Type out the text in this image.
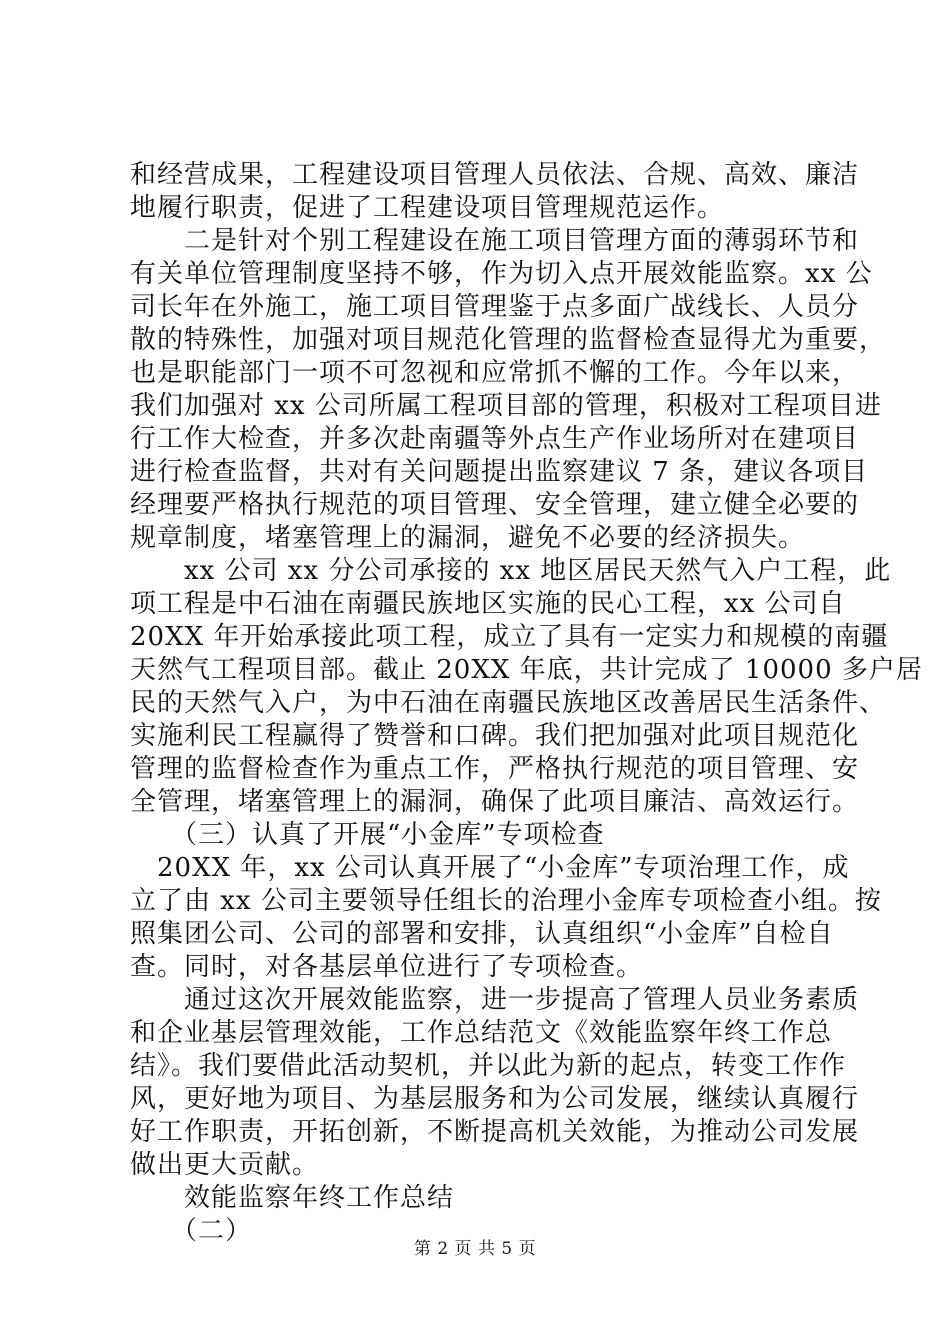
和经营成果，工程建设项目管理人员依法、合规、高效、廉洁
地履行职责，促进了工程建设项目管理规范运作。
　　二是针对个别工程建设在施工项目管理方面的薄弱环节和
有关单位管理制度坚持不够，作为切入点开展效能监察。xx 公
司长年在外施工，施工项目管理鉴于点多面广战线长、人员分
散的特殊性，加强对项目规范化管理的监督检查显得尤为重要，
也是职能部门一项不可忽视和应常抓不懈的工作。今年以来，
我们加强对 xx 公司所属工程项目部的管理，积极对工程项目进
行工作大检查，并多次赴南疆等外点生产作业场所对在建项目
进行检查监督，共对有关问题提出监察建议 7 条，建议各项目
经理要严格执行规范的项目管理、安全管理，建立健全必要的
规章制度，堵塞管理上的漏洞，避免不必要的经济损失。
　　xx 公司 xx 分公司承接的 xx 地区居民天然气入户工程，此
项工程是中石油在南疆民族地区实施的民心工程，xx 公司自
20XX 年开始承接此项工程，成立了具有一定实力和规模的南疆
天然气工程项目部。截止 20XX 年底，共计完成了 10000 多户居
民的天然气入户，为中石油在南疆民族地区改善居民生活条件、
实施利民工程赢得了赞誉和口碑。我们把加强对此项目规范化
管理的监督检查作为重点工作，严格执行规范的项目管理、安
全管理，堵塞管理上的漏洞，确保了此项目廉洁、高效运行。
　　（三）认真了开展“小金库”专项检查
　20XX 年，xx 公司认真开展了“小金库”专项治理工作，成
立了由 xx 公司主要领导任组长的治理小金库专项检查小组。按
照集团公司、公司的部署和安排，认真组织“小金库”自检自
查。同时，对各基层单位进行了专项检查。
　　通过这次开展效能监察，进一步提高了管理人员业务素质
和企业基层管理效能，工作总结范文《效能监察年终工作总
结》。我们要借此活动契机，并以此为新的起点，转变工作作
风，更好地为项目、为基层服务和为公司发展，继续认真履行
好工作职责，开拓创新，不断提高机关效能，为推动公司发展
做出更大贡献。
　　效能监察年终工作总结
第 2 页 共 5 页
　　（二）
